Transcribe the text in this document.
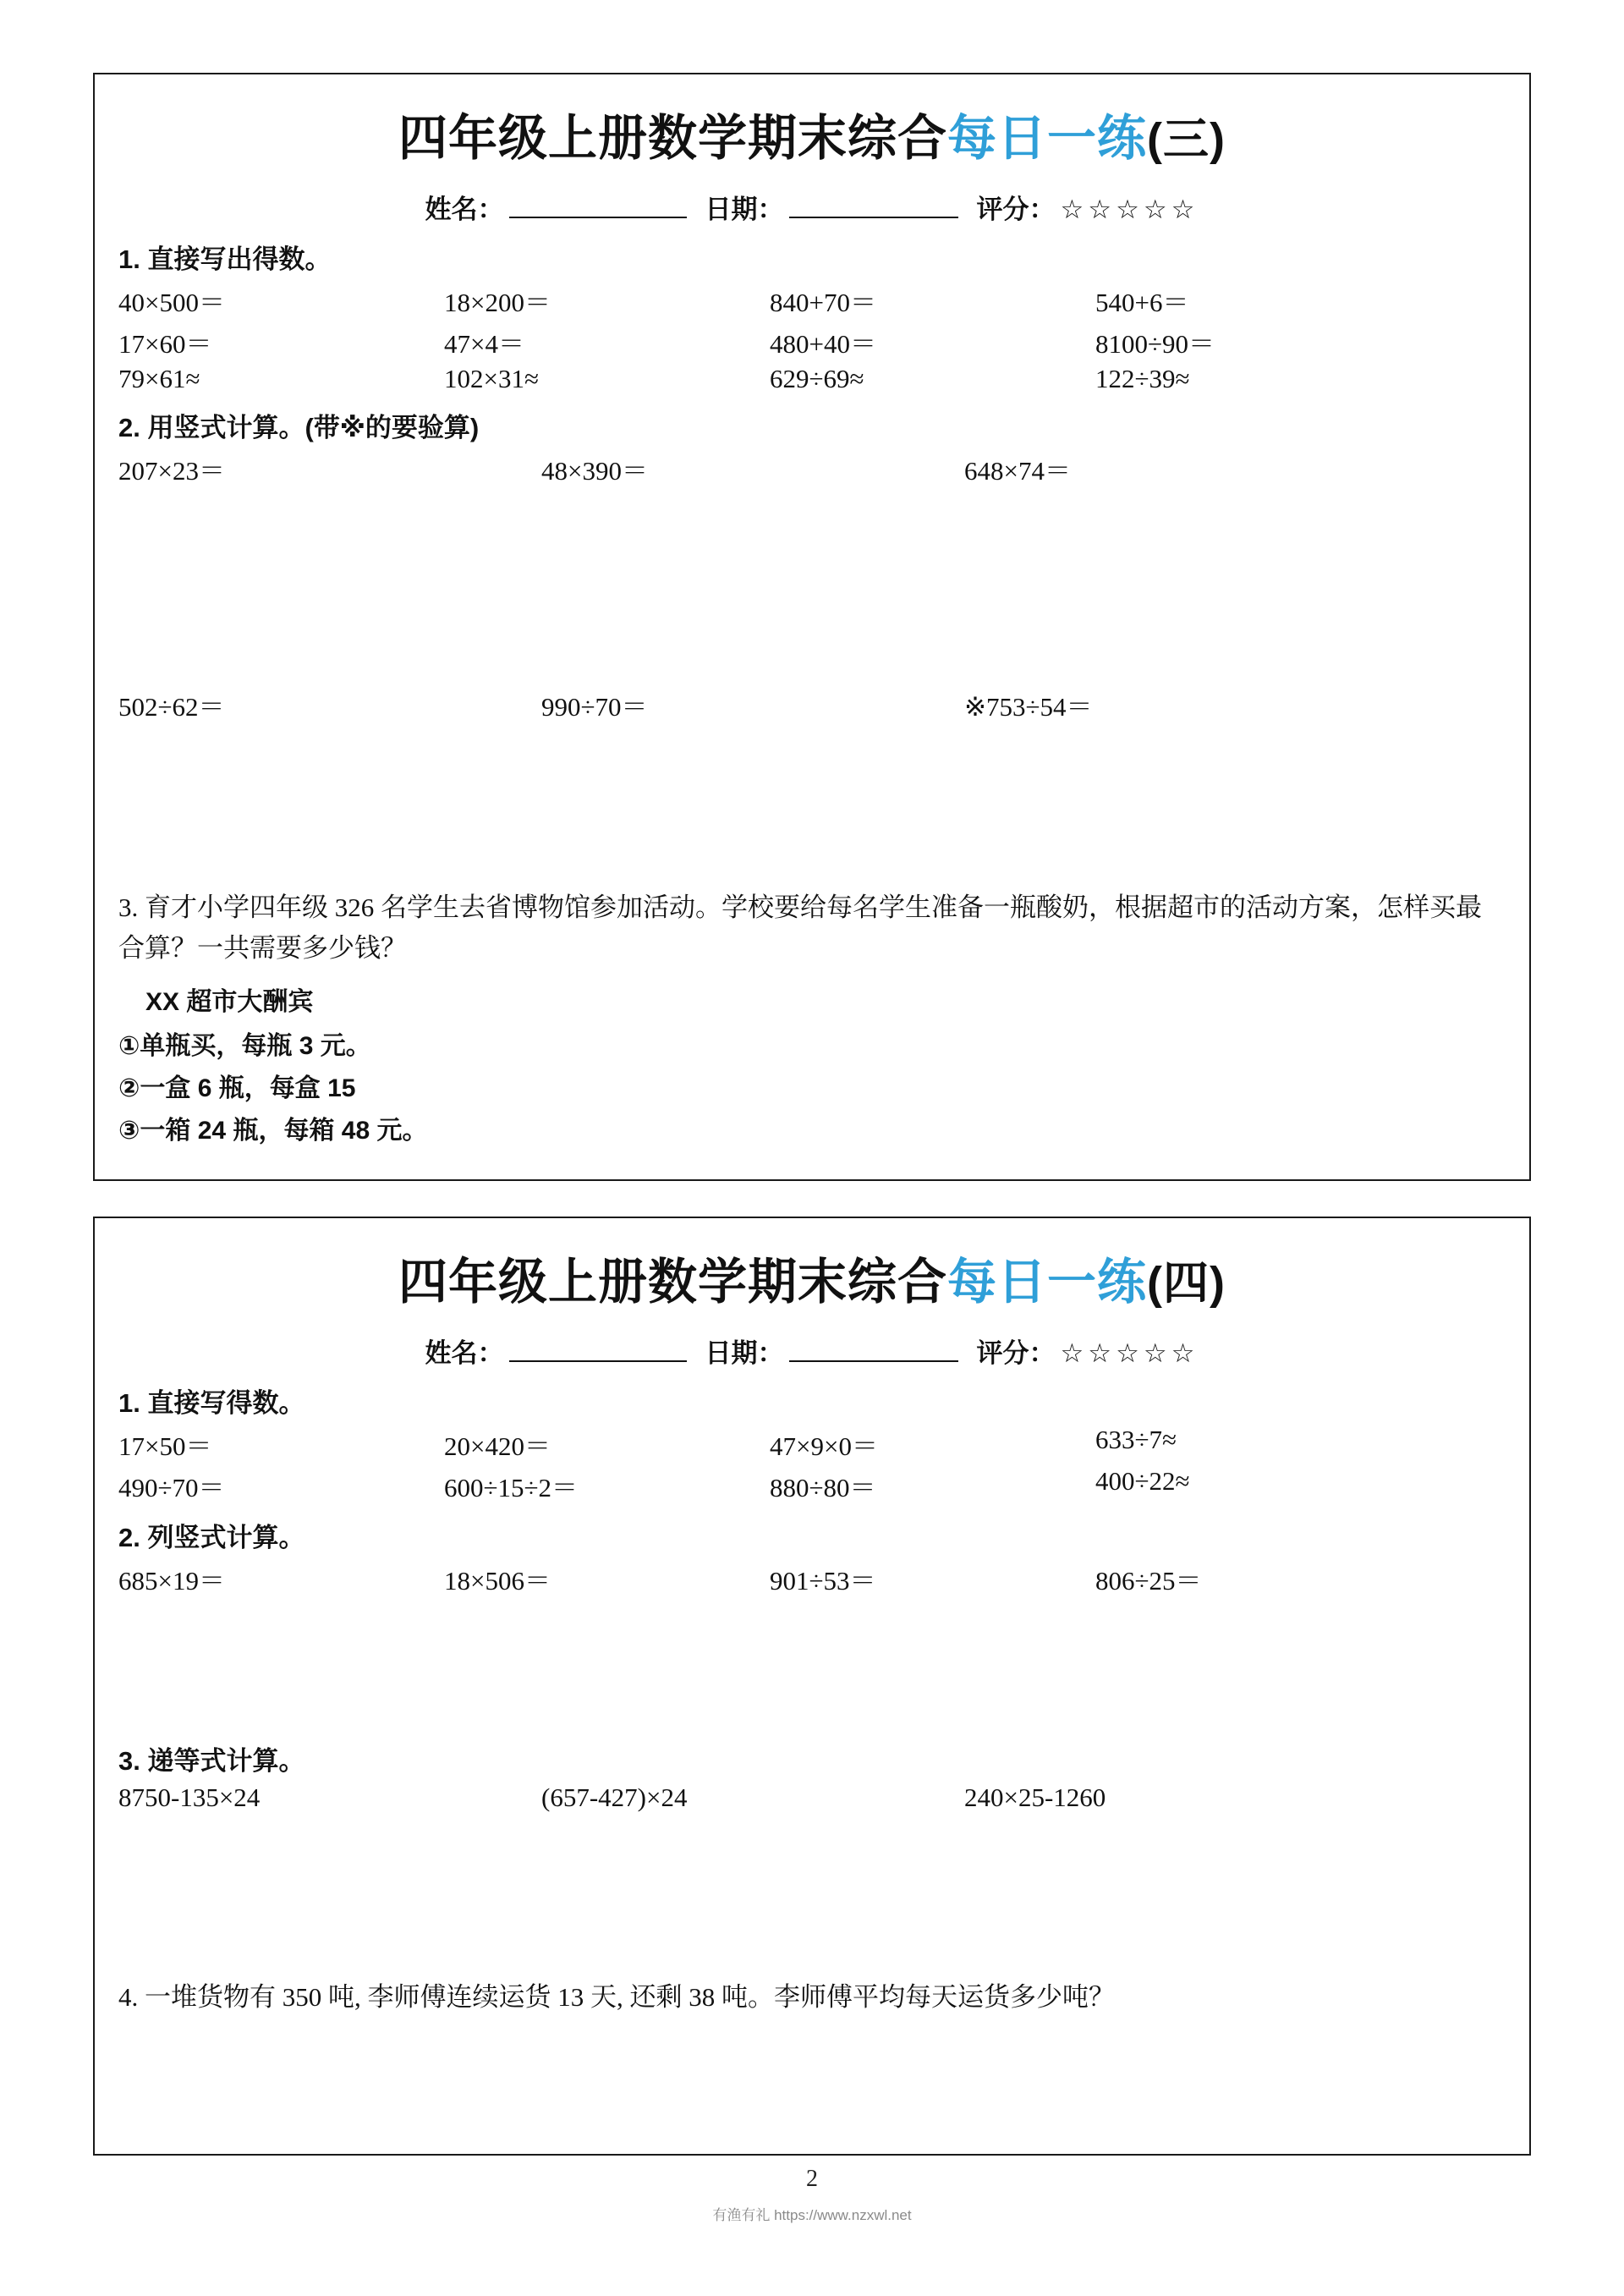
四年级上册数学期末综合每日一练(三)
姓名：	日期：	评分： ☆☆☆☆☆
1. 直接写出得数。
40×500＝	18×200＝	840+70＝	540+6＝
17×60＝	47×4＝	480+40＝	8100÷90＝
79×61≈	102×31≈	629÷69≈	122÷39≈
2. 用竖式计算。(带※的要验算)
207×23＝	48×390＝	648×74＝
502÷62＝	990÷70＝	※753÷54＝
3. 育才小学四年级 326 名学生去省博物馆参加活动。学校要给每名学生准备一瓶酸奶，根据超市的活动方案，怎样买最合算？一共需要多少钱？
XX 超市大酬宾
①单瓶买，每瓶 3 元。
②一盒 6 瓶，每盒 15
③一箱 24 瓶，每箱 48 元。
四年级上册数学期末综合每日一练(四)
姓名：	日期：	评分： ☆☆☆☆☆
1. 直接写得数。
17×50＝	20×420＝	47×9×0＝	633÷7≈
490÷70＝	600÷15÷2＝	880÷80＝	400÷22≈
2. 列竖式计算。
685×19＝	18×506＝	901÷53＝	806÷25＝
3. 递等式计算。
8750-135×24	(657-427)×24	240×25-1260
4. 一堆货物有 350 吨, 李师傅连续运货 13 天, 还剩 38 吨。李师傅平均每天运货多少吨？
2
有渔有礼 https://www.nzxwl.net
